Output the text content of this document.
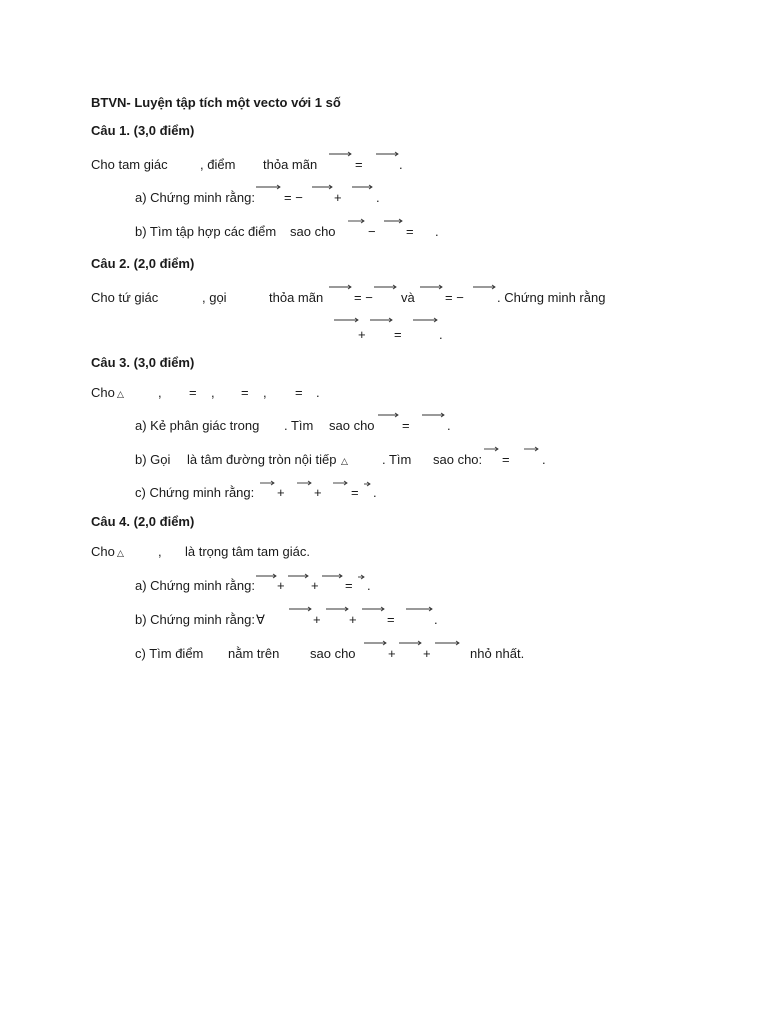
BTVN- Luyện tập tích một vecto với 1 số
Câu 1. (3,0 điểm)
Cho tam giác , điểm thỏa mãn	=	.
a) Chứng minh rằng: = − +	.
b) Tìm tập hợp các điểm sao cho − = .
Câu 2. (2,0 điểm)
Cho tứ giác	, gọi	thỏa mãn = − và = −	. Chứng minh rằng
+ =	.
Câu 3. (3,0 điểm)
Cho △	, = , = , = .
a) Kẻ phân giác trong . Tìm sao cho =	.
b) Gọi là tâm đường tròn nội tiếp △	. Tìm sao cho: = .
c) Chứng minh rằng: + + = .
Câu 4. (2,0 điểm)
Cho △	, là trọng tâm tam giác.
a) Chứng minh rằng: + + = .
b) Chứng minh rằng: ∀	+ + =	.
c) Tìm điểm nằm trên sao cho + +	nhỏ nhất.
